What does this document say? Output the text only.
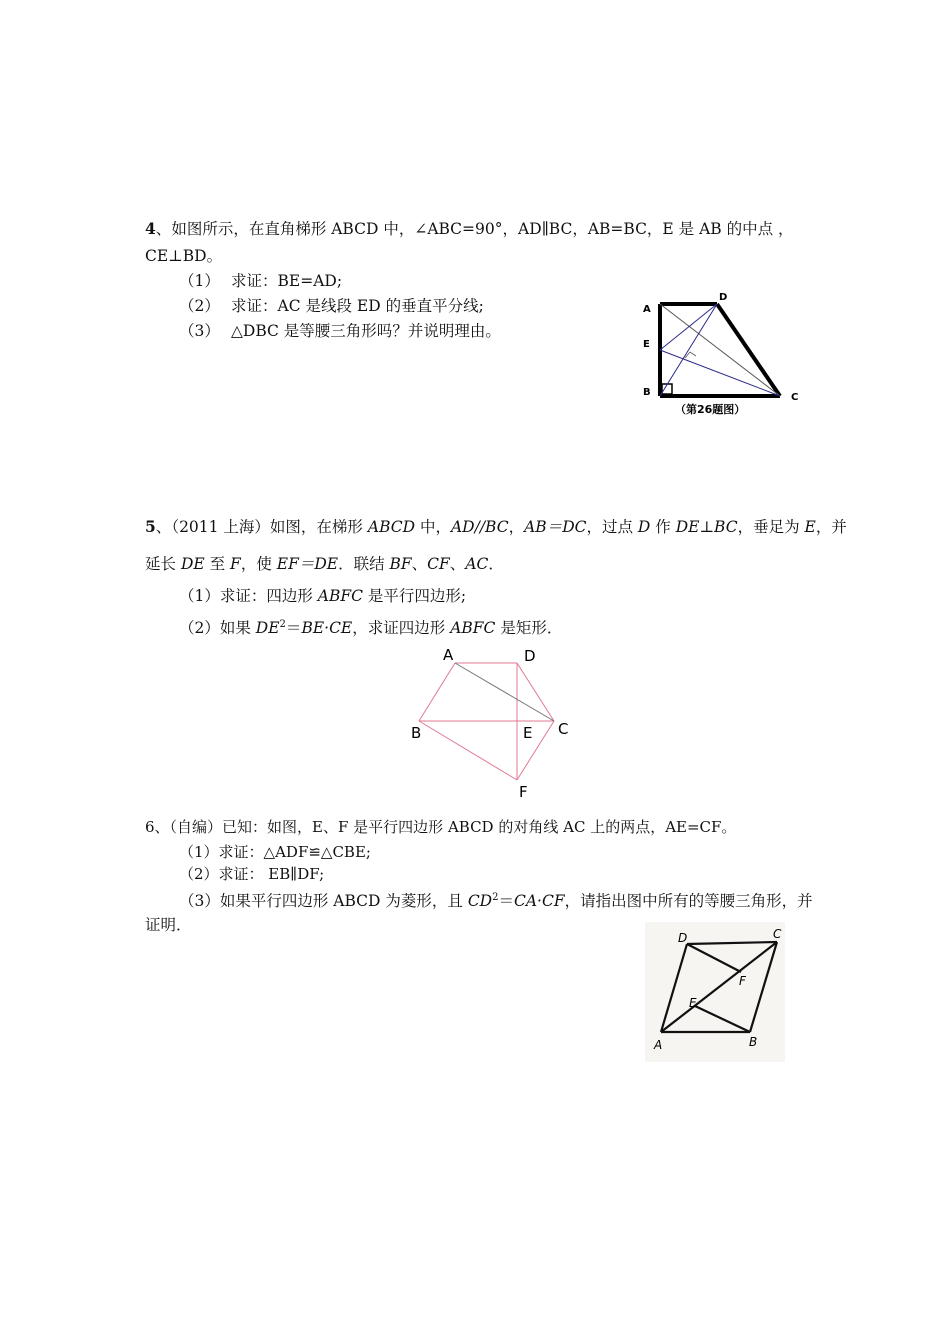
4、如图所示，在直角梯形 ABCD 中，∠ABC=90°，AD∥BC，AB=BC，E 是 AB 的中点 ，
CE⊥BD。
（1） 求证：BE=AD;
（2） 求证：AC 是线段 ED 的垂直平分线;
（3） △DBC 是等腰三角形吗？并说明理由。
A
D
E
B	C
（第26题图）
5、（2011 上海）如图，在梯形 ABCD 中，AD//BC，AB＝DC，过点 D 作 DE⊥BC，垂足为 E，并
延长 DE 至 F，使 EF＝DE．联结 BF、CF、AC．
（1）求证：四边形 ABFC 是平行四边形;
（2）如果 $DE^2=BE\cdot CE$，求证四边形 ABFC 是矩形．
A	D
B	E C
F
6、（自编）已知：如图，E、F 是平行四边形 ABCD 的对角线 AC 上的两点，AE=CF。
（1）求证：△ADF≌△CBE;
（2）求证： EB∥DF;
（3）如果平行四边形 ABCD 为菱形，且 $CD^2=CA\cdot CF$，请指出图中所有的等腰三角形，并
证明．
D	C
F
E
A	B
